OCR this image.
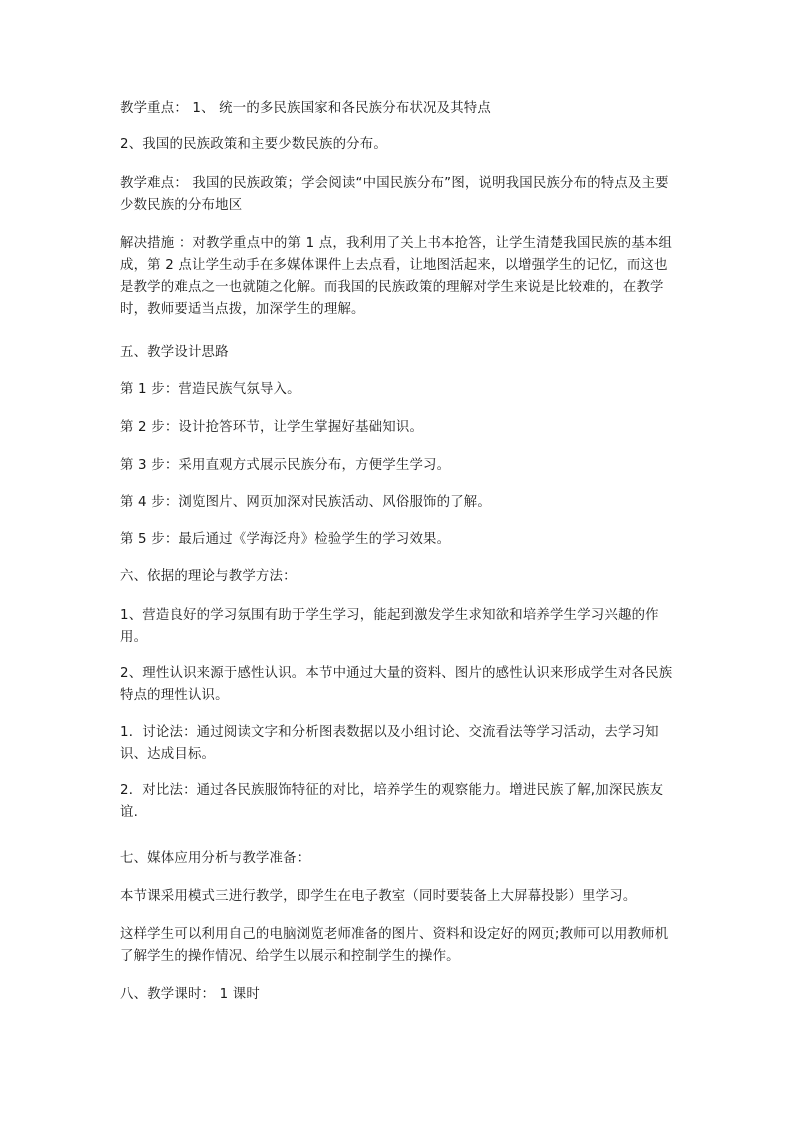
教学重点： 1、 统一的多民族国家和各民族分布状况及其特点

2、我国的民族政策和主要少数民族的分布。

教学难点： 我国的民族政策；学会阅读“中国民族分布”图，说明我国民族分布的特点及主要少数民族的分布地区

解决措施 ：对教学重点中的第 1 点，我利用了关上书本抢答，让学生清楚我国民族的基本组成，第 2 点让学生动手在多媒体课件上去点看，让地图活起来，以增强学生的记忆，而这也是教学的难点之一也就随之化解。而我国的民族政策的理解对学生来说是比较难的，在教学时，教师要适当点拨，加深学生的理解。

五、教学设计思路

第 1 步：营造民族气氛导入。

第 2 步：设计抢答环节，让学生掌握好基础知识。

第 3 步：采用直观方式展示民族分布，方便学生学习。

第 4 步：浏览图片、网页加深对民族活动、风俗服饰的了解。

第 5 步：最后通过《学海泛舟》检验学生的学习效果。

六、依据的理论与教学方法：

1、营造良好的学习氛围有助于学生学习，能起到激发学生求知欲和培养学生学习兴趣的作用。

2、理性认识来源于感性认识。本节中通过大量的资料、图片的感性认识来形成学生对各民族特点的理性认识。

1．讨论法：通过阅读文字和分析图表数据以及小组讨论、交流看法等学习活动，去学习知识、达成目标。

2．对比法：通过各民族服饰特征的对比，培养学生的观察能力。增进民族了解,加深民族友谊.

七、媒体应用分析与教学准备：

本节课采用模式三进行教学，即学生在电子教室（同时要装备上大屏幕投影）里学习。

这样学生可以利用自己的电脑浏览老师准备的图片、资料和设定好的网页;教师可以用教师机了解学生的操作情况、给学生以展示和控制学生的操作。

八、教学课时： 1 课时
